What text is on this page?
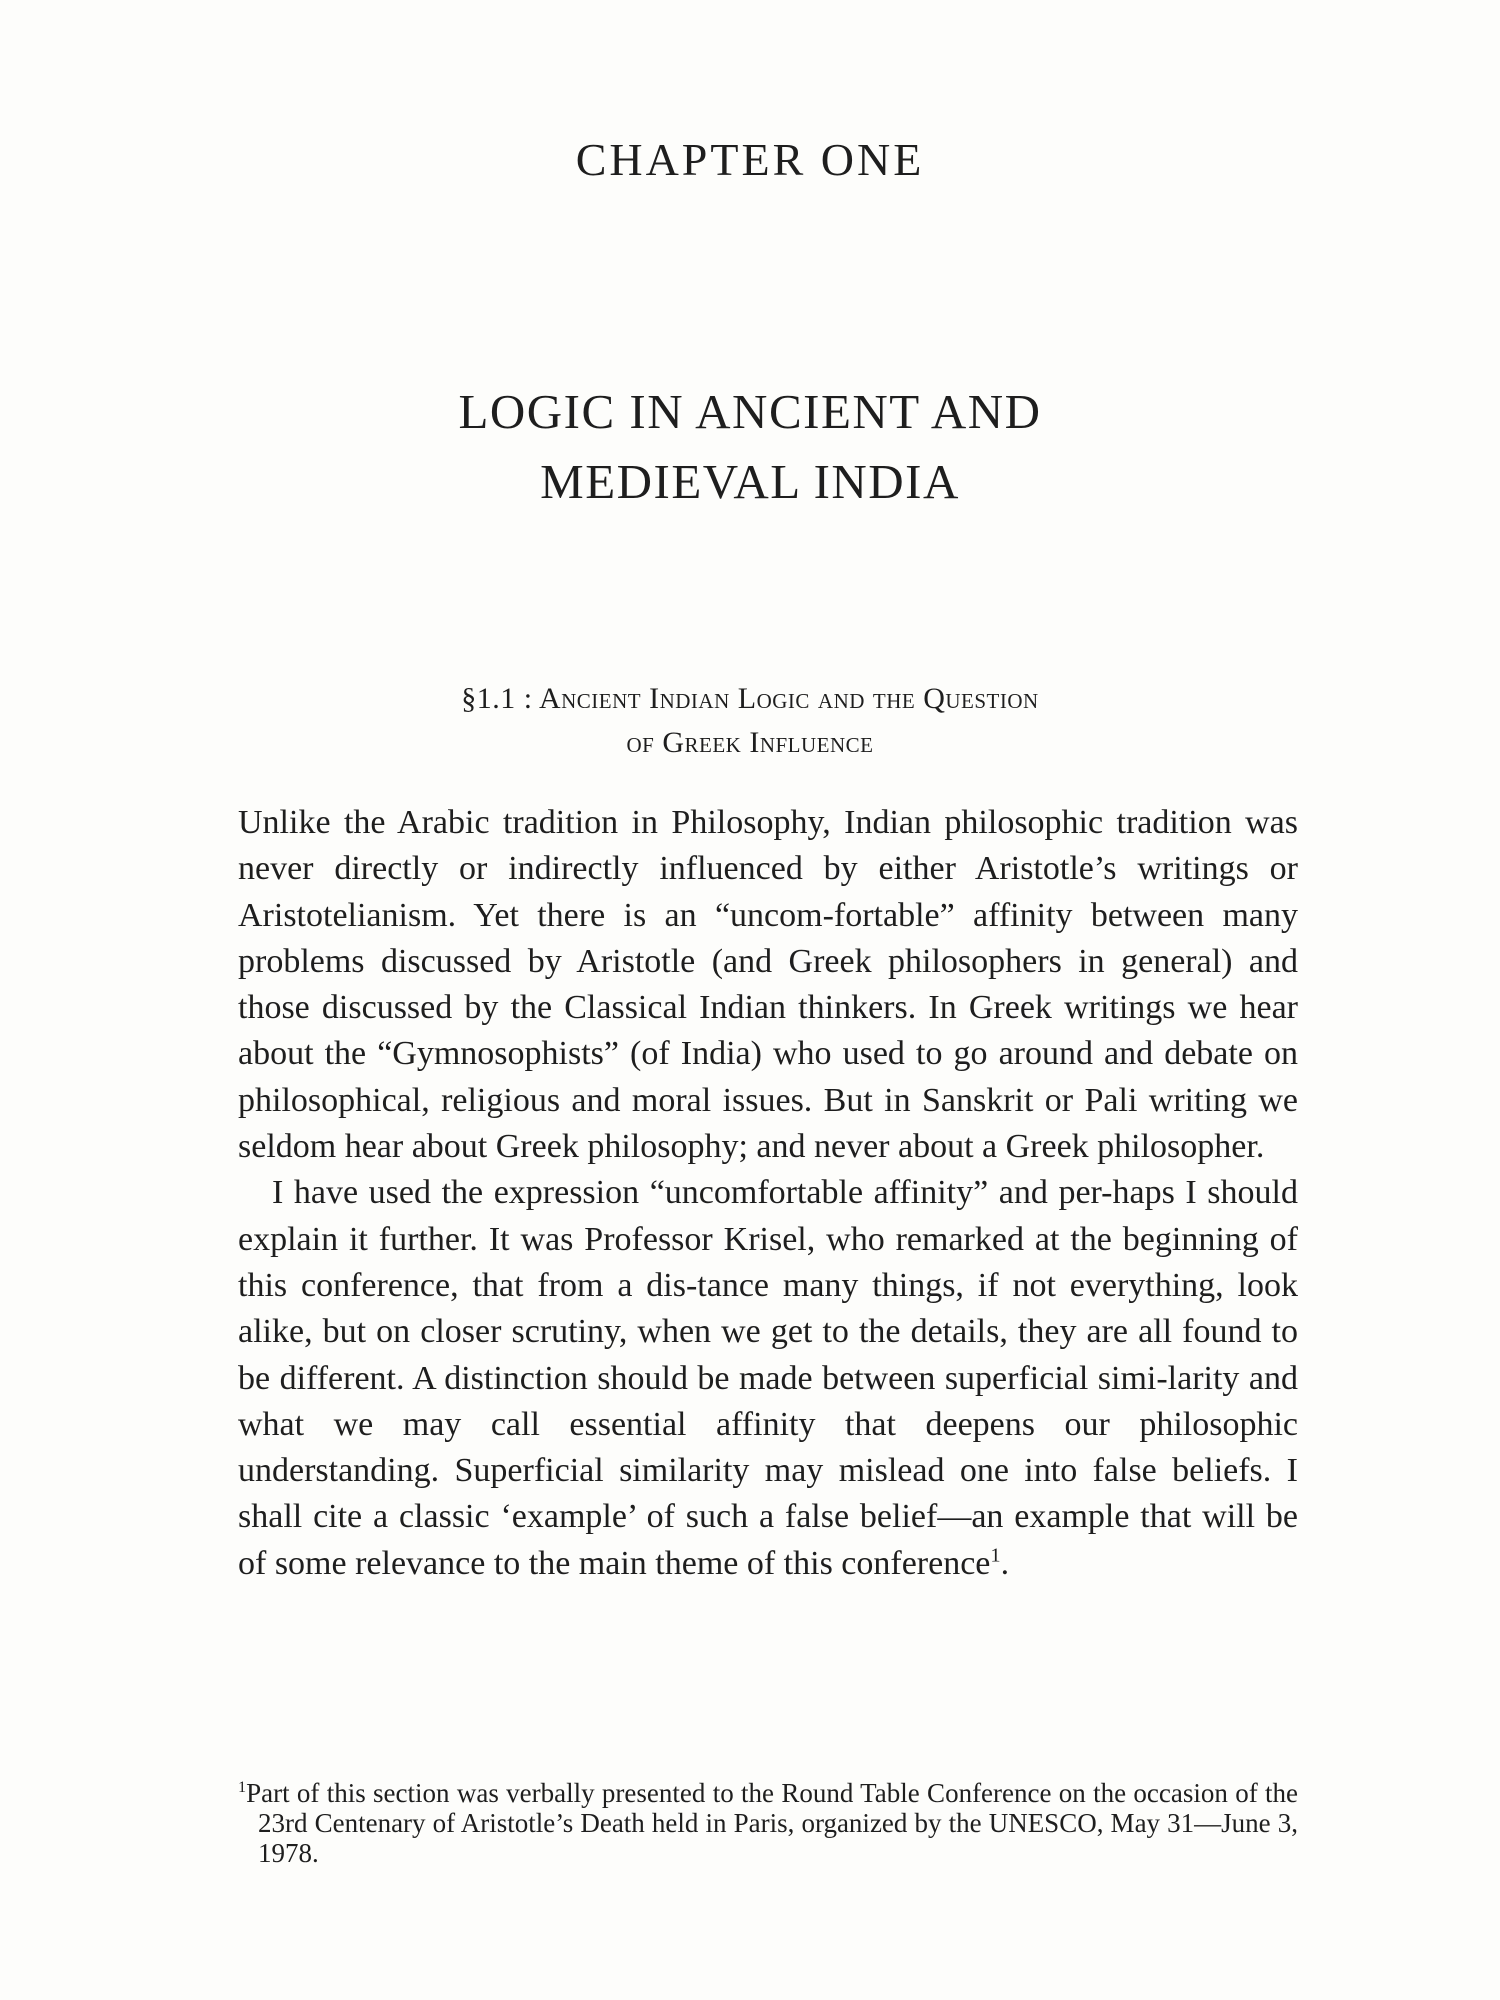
CHAPTER ONE
LOGIC IN ANCIENT AND
MEDIEVAL INDIA
§1.1 : Ancient Indian Logic and the Question
of Greek Influence

Unlike the Arabic tradition in Philosophy, Indian philosophic tradition was never directly or indirectly influenced by either Aristotle’s writings or Aristotelianism. Yet there is an “uncom-fortable” affinity between many problems discussed by Aristotle (and Greek philosophers in general) and those discussed by the Classical Indian thinkers. In Greek writings we hear about the “Gymnosophists” (of India) who used to go around and debate on philosophical, religious and moral issues. But in Sanskrit or Pali writing we seldom hear about Greek philosophy; and never about a Greek philosopher.

I have used the expression “uncomfortable affinity” and per-haps I should explain it further. It was Professor Krisel, who remarked at the beginning of this conference, that from a dis-tance many things, if not everything, look alike, but on closer scrutiny, when we get to the details, they are all found to be different. A distinction should be made between superficial simi-larity and what we may call essential affinity that deepens our philosophic understanding. Superficial similarity may mislead one into false beliefs. I shall cite a classic ‘example’ of such a false belief—an example that will be of some relevance to the main theme of this conference$^1$.

$^1$Part of this section was verbally presented to the Round Table Conference on the occasion of the 23rd Centenary of Aristotle’s Death held in Paris, organized by the UNESCO, May 31—June 3, 1978.
